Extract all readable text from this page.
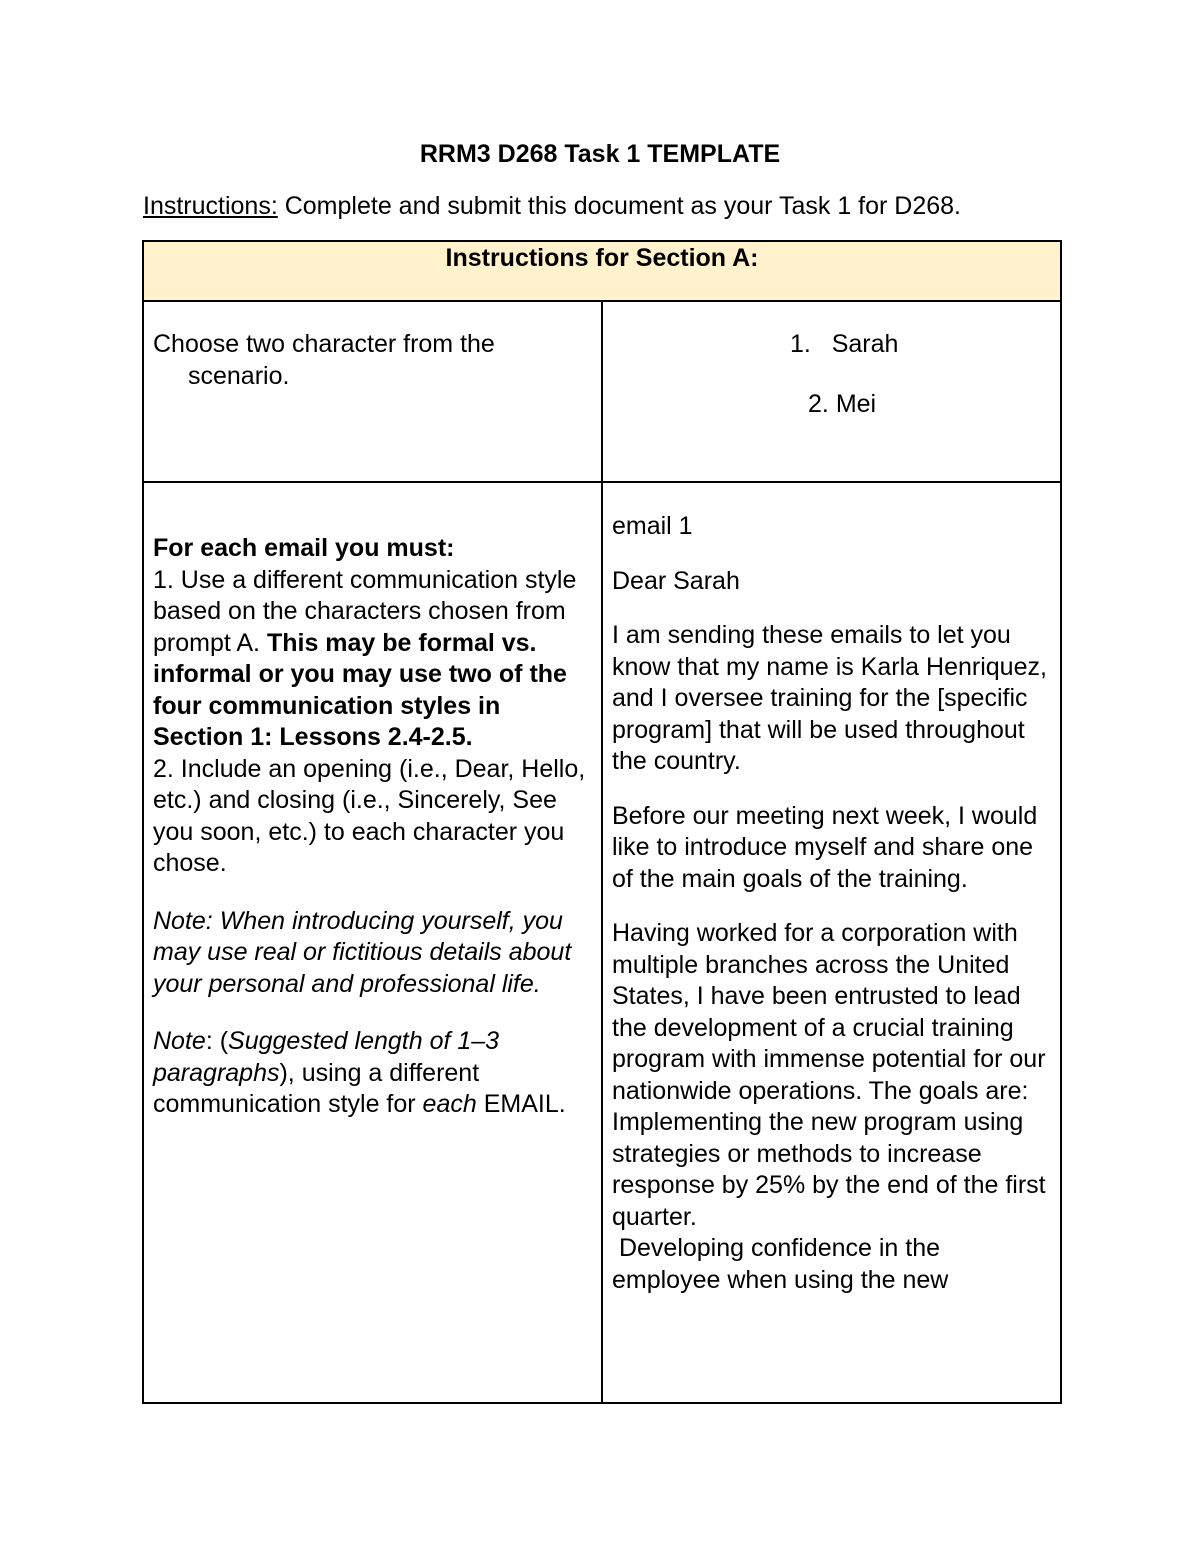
RRM3 D268 Task 1 TEMPLATE

Instructions: Complete and submit this document as your Task 1 for D268.

Instructions for Section A:
Choose two character from the
scenario.
1. Sarah
2. Mei

For each email you must:

1. Use a different communication style based on the characters chosen from prompt A. This may be formal vs. informal or you may use two of the four communication styles in Section 1: Lessons 2.4-2.5.

2. Include an opening (i.e., Dear, Hello, etc.) and closing (i.e., Sincerely, See you soon, etc.) to each character you chose.

Note: When introducing yourself, you may use real or fictitious details about your personal and professional life.

Note: (Suggested length of 1–3 paragraphs), using a different communication style for each EMAIL.

email 1

Dear Sarah

I am sending these emails to let you know that my name is Karla Henriquez, and I oversee training for the [specific program] that will be used throughout the country.

Before our meeting next week, I would like to introduce myself and share one of the main goals of the training.

Having worked for a corporation with multiple branches across the United States, I have been entrusted to lead the development of a crucial training program with immense potential for our nationwide operations. The goals are:

Implementing the new program using strategies or methods to increase response by 25% by the end of the first quarter.

Developing confidence in the employee when using the new
